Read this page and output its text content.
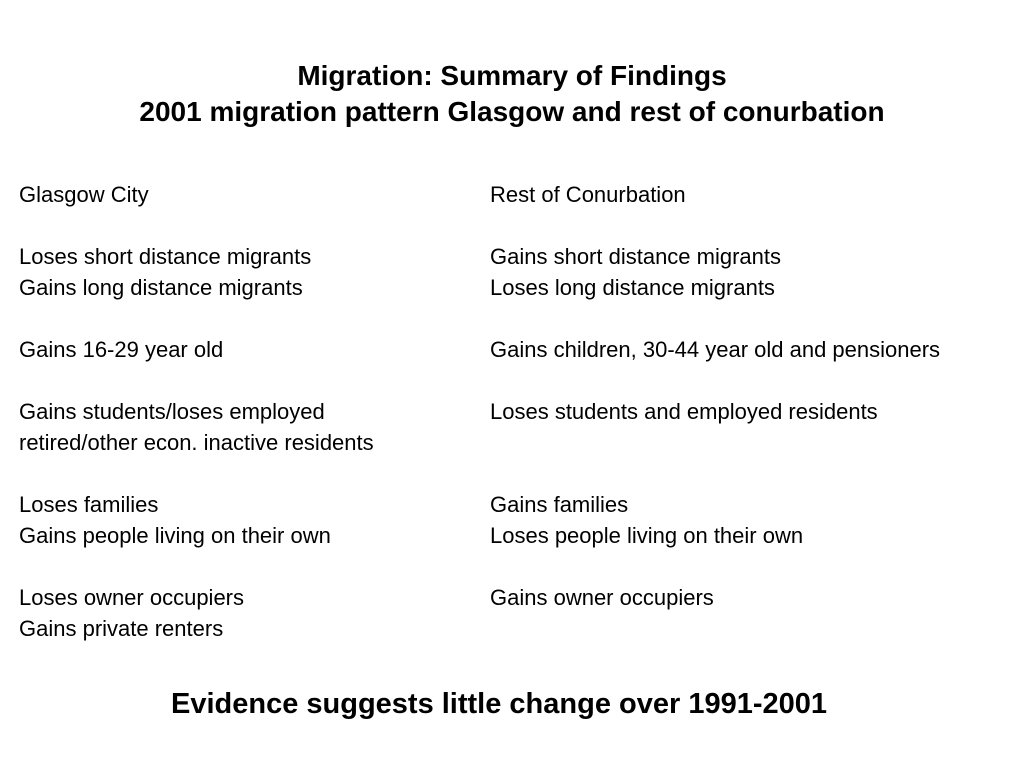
Migration: Summary of Findings
2001 migration pattern Glasgow and rest of conurbation
Glasgow City
Loses short distance migrants
Gains long distance migrants
Gains 16-29 year old
Gains students/loses employed
retired/other econ. inactive residents
Loses families
Gains people living on their own
Loses owner occupiers
Gains private renters
Rest of Conurbation
Gains short distance migrants
Loses long distance migrants
Gains children, 30-44 year old and pensioners
Loses students and employed residents
Gains families
Loses people living on their own
Gains owner occupiers
Evidence suggests little change over 1991-2001
